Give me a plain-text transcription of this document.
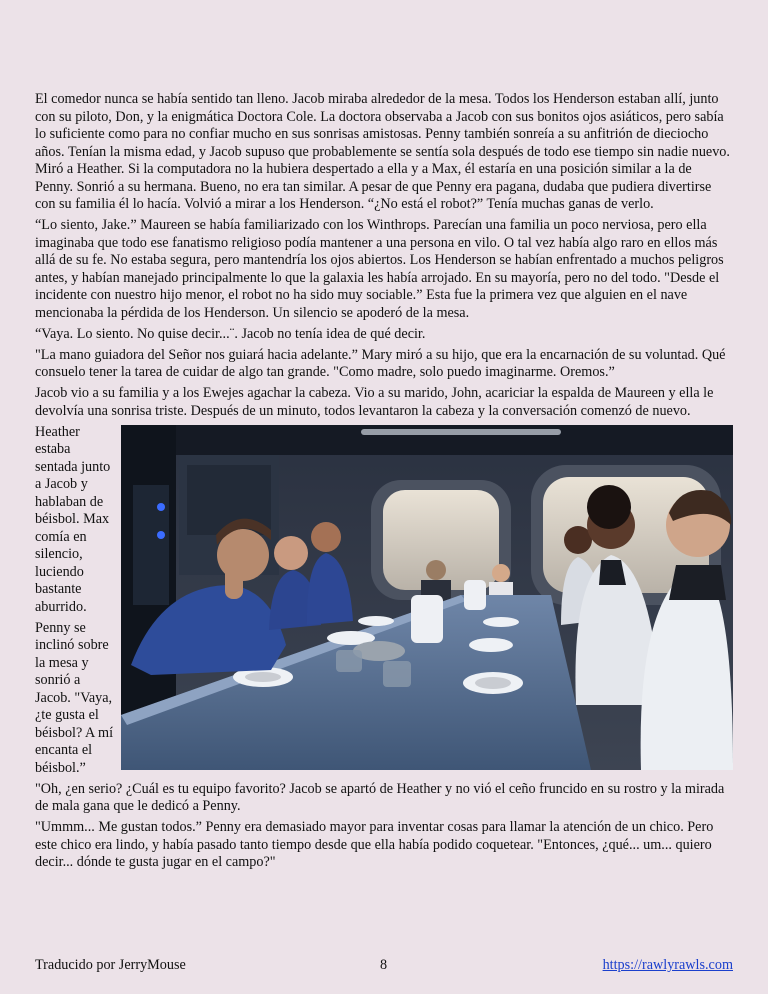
El comedor nunca se había sentido tan lleno. Jacob miraba alrededor de la mesa. Todos los Henderson estaban allí, junto con su piloto, Don, y la enigmática Doctora Cole. La doctora observaba a Jacob con sus bonitos ojos asiáticos, pero sabía lo suficiente como para no confiar mucho en sus sonrisas amistosas. Penny también sonreía a su anfitrión de dieciocho años. Tenían la misma edad, y Jacob supuso que probablemente se sentía sola después de todo ese tiempo sin nadie nuevo. Miró a Heather. Si la computadora no la hubiera despertado a ella y a Max, él estaría en una posición similar a la de Penny. Sonrió a su hermana. Bueno, no era tan similar. A pesar de que Penny era pagana, dudaba que pudiera divertirse con su familia él lo hacía. Volvió a mirar a los Henderson. “¿No está el robot?” Tenía muchas ganas de verlo.

“Lo siento, Jake.” Maureen se había familiarizado con los Winthrops. Parecían una familia un poco nerviosa, pero ella imaginaba que todo ese fanatismo religioso podía mantener a una persona en vilo. O tal vez había algo raro en ellos más allá de su fe. No estaba segura, pero mantendría los ojos abiertos. Los Henderson se habían enfrentado a muchos peligros antes, y habían manejado principalmente lo que la galaxia les había arrojado. En su mayoría, pero no del todo. "Desde el incidente con nuestro hijo menor, el robot no ha sido muy sociable.” Esta fue la primera vez que alguien en el nave mencionaba la pérdida de los Henderson. Un silencio se apoderó de la mesa.

“Vaya. Lo siento. No quise decir...¨. Jacob no tenía idea de qué decir.

"La mano guiadora del Señor nos guiará hacia adelante.” Mary miró a su hijo, que era la encarnación de su voluntad. Qué consuelo tener la tarea de cuidar de algo tan grande. "Como madre, solo puedo imaginarme. Oremos.”

Jacob vio a su familia y a los Ewejes agachar la cabeza. Vio a su marido, John, acariciar la espalda de Maureen y ella le devolvía una sonrisa triste. Después de un minuto, todos levantaron la cabeza y la conversación comenzó de nuevo.

Heather estaba sentada junto a Jacob y hablaban de béisbol. Max comía en silencio, luciendo bastante aburrido.

Penny se inclinó sobre la mesa y sonrió a Jacob. "Vaya, ¿te gusta el béisbol? A mí encanta el béisbol.”

"Oh, ¿en serio? ¿Cuál es tu equipo favorito? Jacob se apartó de Heather y no vió el ceño fruncido en su rostro y la mirada de mala gana que le dedicó a Penny.

"Ummm... Me gustan todos.” Penny era demasiado mayor para inventar cosas para llamar la atención de un chico. Pero este chico era lindo, y había pasado tanto tiempo desde que ella había podido coquetear. "Entonces, ¿qué... um... quiero decir... dónde te gusta jugar en el campo?"

Traducido por JerryMouse	8	https://rawlyrawls.com
